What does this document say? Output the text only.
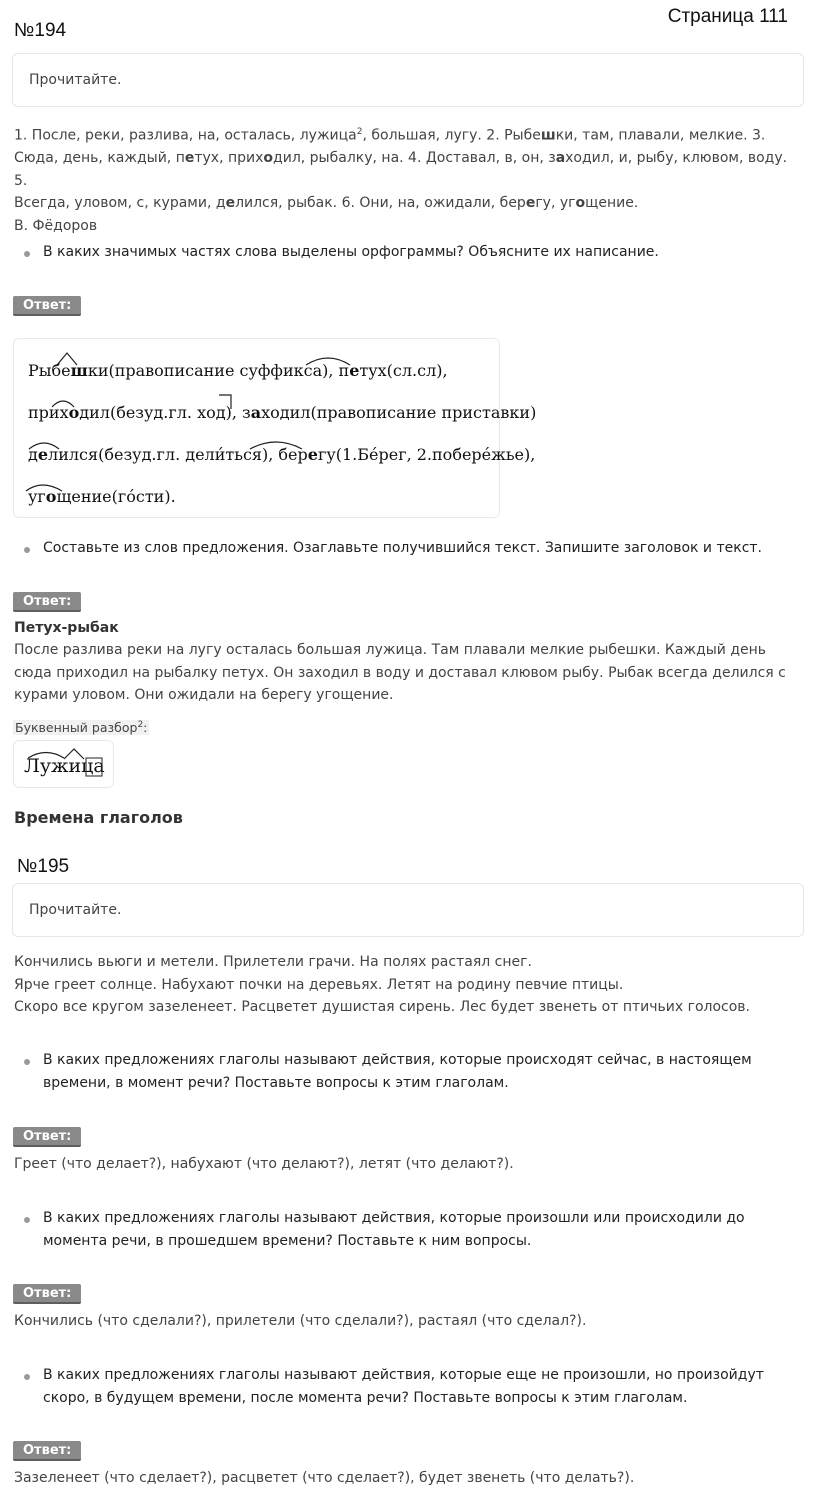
Страница 111
№194
Прочитайте.
1. После, реки, разлива, на, осталась, лужица$^2$, большая, лугу. 2. Рыбешки, там, плавали, мелкие. 3.
Сюда, день, каждый, петух, приходил, рыбалку, на. 4. Доставал, в, он, заходил, и, рыбу, клювом, воду. 5.
Всегда, уловом, с, курами, делился, рыбак. 6. Они, на, ожидали, берегу, угощение.
В. Фёдоров
В каких значимых частях слова выделены орфограммы? Объясните их написание.
Ответ:
Рыбешки(правописание суффикса), петух(сл.сл),
приходил(безуд.гл. ход), заходил(правописание приставки)
делился(безуд.гл. дели́ться), берегу(1.Бе́рег, 2.побере́жье),
угощение(го́сти).
Составьте из слов предложения. Озаглавьте получившийся текст. Запишите заголовок и текст.
Ответ:
Петух-рыбак
После разлива реки на лугу осталась большая лужица. Там плавали мелкие рыбешки. Каждый день
сюда приходил на рыбалку петух. Он заходил в воду и доставал клювом рыбу. Рыбак всегда делился с
курами уловом. Они ожидали на берегу угощение.
Буквенный разбор$^2$:
Лужица
Времена глаголов
№195
Прочитайте.
Кончились вьюги и метели. Прилетели грачи. На полях растаял снег.
Ярче греет солнце. Набухают почки на деревьях. Летят на родину певчие птицы.
Скоро все кругом зазеленеет. Расцветет душистая сирень. Лес будет звенеть от птичьих голосов.
В каких предложениях глаголы называют действия, которые происходят сейчас, в настоящем
времени, в момент речи? Поставьте вопросы к этим глаголам.
Ответ:
Греет (что делает?), набухают (что делают?), летят (что делают?).
В каких предложениях глаголы называют действия, которые произошли или происходили до
момента речи, в прошедшем времени? Поставьте к ним вопросы.
Ответ:
Кончились (что сделали?), прилетели (что сделали?), растаял (что сделал?).
В каких предложениях глаголы называют действия, которые еще не произошли, но произойдут
скоро, в будущем времени, после момента речи? Поставьте вопросы к этим глаголам.
Ответ:
Зазеленеет (что сделает?), расцветет (что сделает?), будет звенеть (что делать?).
